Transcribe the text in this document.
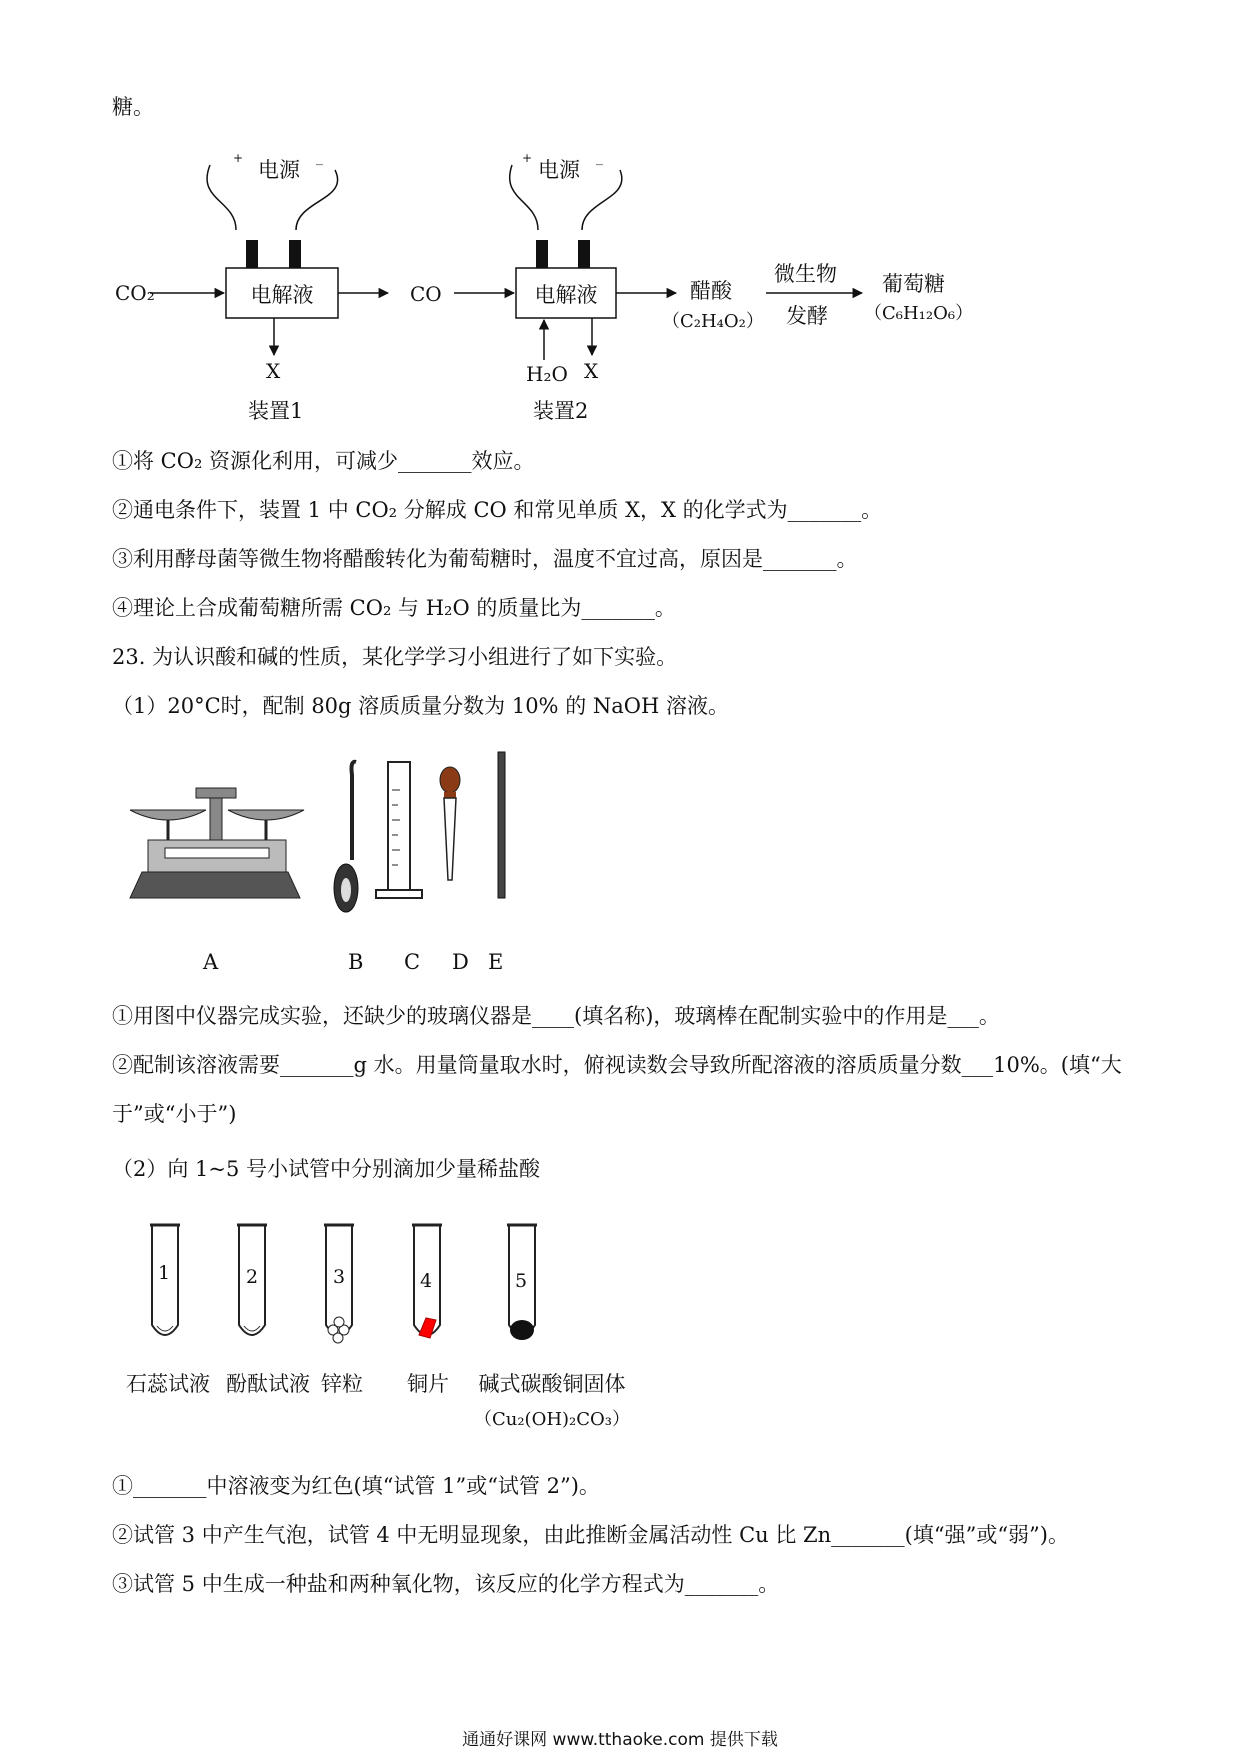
糖。
+ 电源 _	+ 电源 _
CO₂	电解液
X
装置1
CO	电解液
H₂O X
装置2
醋酸
（C₂H₄O₂）
微生物
发酵
葡萄糖
（C₆H₁₂O₆）
①将 CO₂ 资源化利用，可减少_______效应。
②通电条件下，装置 1 中 CO₂ 分解成 CO 和常见单质 X，X 的化学式为_______。
③利用酵母菌等微生物将醋酸转化为葡萄糖时，温度不宜过高，原因是_______。
④理论上合成葡萄糖所需 CO₂ 与 H₂O 的质量比为_______。
23. 为认识酸和碱的性质，某化学学习小组进行了如下实验。
（1）20°C时，配制 80g 溶质质量分数为 10% 的 NaOH 溶液。
A	B C D E
①用图中仪器完成实验，还缺少的玻璃仪器是____(填名称)，玻璃棒在配制实验中的作用是___。
②配制该溶液需要_______g 水。用量筒量取水时，俯视读数会导致所配溶液的溶质质量分数___10%。(填“大
于”或“小于”)
（2）向 1~5 号小试管中分别滴加少量稀盐酸
1	2	3	4	5
石蕊试液 酚酞试液 锌粒 铜片 碱式碳酸铜固体
（Cu₂(OH)₂CO₃）
①_______中溶液变为红色(填“试管 1”或“试管 2”)。
②试管 3 中产生气泡，试管 4 中无明显现象，由此推断金属活动性 Cu 比 Zn_______(填“强”或“弱”)。
③试管 5 中生成一种盐和两种氧化物，该反应的化学方程式为_______。
通通好课网 www.tthaoke.com 提供下载
